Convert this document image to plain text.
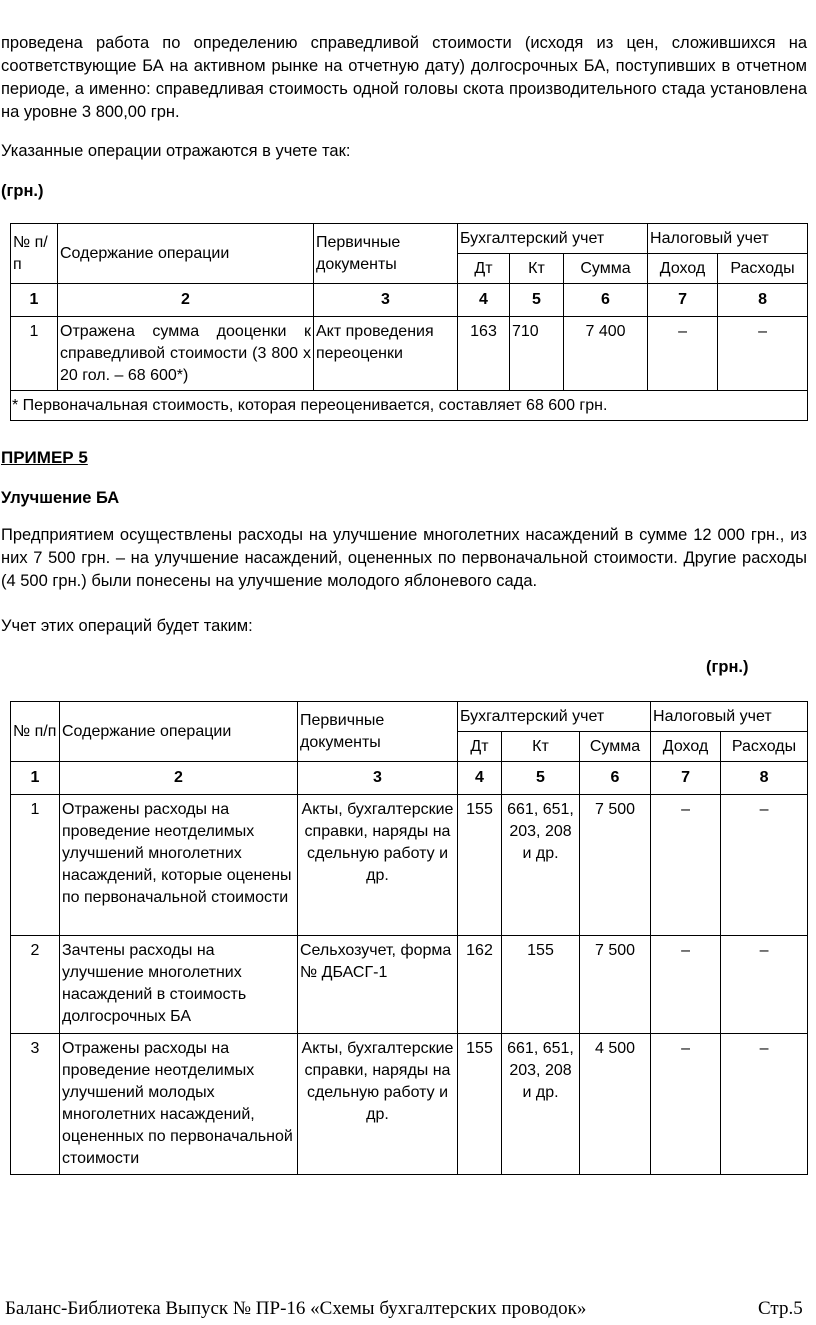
проведена работа по определению справедливой стоимости (исходя из цен, сложившихся на соответствующие БА на активном рынке на отчетную дату) долгосрочных БА, поступивших в отчетном периоде, а именно: справедливая стоимость одной головы скота производительного стада установлена на уровне 3 800,00 грн.
Указанные операции отражаются в учете так:
(грн.)
№ п/п	Содержание операции	Первичные документы	Бухгалтерский учет			Налоговый учет	
			Дт	Кт	Сумма	Доход	Расходы
1	2	3	4	5	6	7	8
1	Отражена сумма дооценки к справедливой стоимости (3 800 х 20 гол. – 68 600*)	Акт проведения переоценки	163	710	7 400	–	–
* Первоначальная стоимость, которая переоценивается, составляет 68 600 грн.							
ПРИМЕР 5
Улучшение БА
Предприятием осуществлены расходы на улучшение многолетних насаждений в сумме 12 000 грн., из них 7 500 грн. – на улучшение насаждений, оцененных по первоначальной стоимости. Другие расходы (4 500 грн.) были понесены на улучшение молодого яблоневого сада.
Учет этих операций будет таким:
(грн.)
№ п/п	Содержание операции	Первичные документы	Бухгалтерский учет			Налоговый учет	
			Дт	Кт	Сумма	Доход	Расходы
1	2	3	4	5	6	7	8
1	Отражены расходы на проведение неотделимых улучшений многолетних насаждений, которые оценены по первоначальной стоимости	Акты, бухгалтерские справки, наряды на сдельную работу и др.	155	661, 651, 203, 208 и др.	7 500	–	–
2	Зачтены расходы на улучшение многолетних насаждений в стоимость долгосрочных БА	Сельхозучет, форма № ДБАСГ-1	162	155	7 500	–	–
3	Отражены расходы на проведение неотделимых улучшений молодых многолетних насаждений, оцененных по первоначальной стоимости	Акты, бухгалтерские справки, наряды на сдельную работу и др.	155	661, 651, 203, 208 и др.	4 500	–	–
Баланс-Библиотека Выпуск № ПР-16 «Схемы бухгалтерских проводок»	Стр.5
